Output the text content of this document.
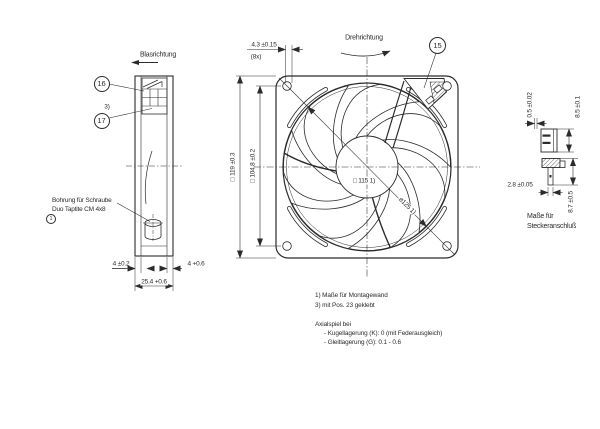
Blasrichtung
16
17
3)
Bohrung für Schraube
Duo Taptite CM 4x8
1
4 ±0.2	4 +0.6
25.4 +0.6
Drehrichtung
15
4.3 ±0.15
(8x)
□ 119 ±0.3 □ 104.8 ±0.2	□ 115 1)
ø125 1)
0.5 ±0.02	8.5 ±0.1
2.8 ±0.05
8.7 ±0.5
Maße für
Steckeranschluß
1) Maße für Montagewand
3) mit Pos. 23 geklebt
Axialspiel bei
- Kugellagerung (K): 0 (mit Federausgleich)
- Gleitlagerung (G): 0.1 - 0.6
